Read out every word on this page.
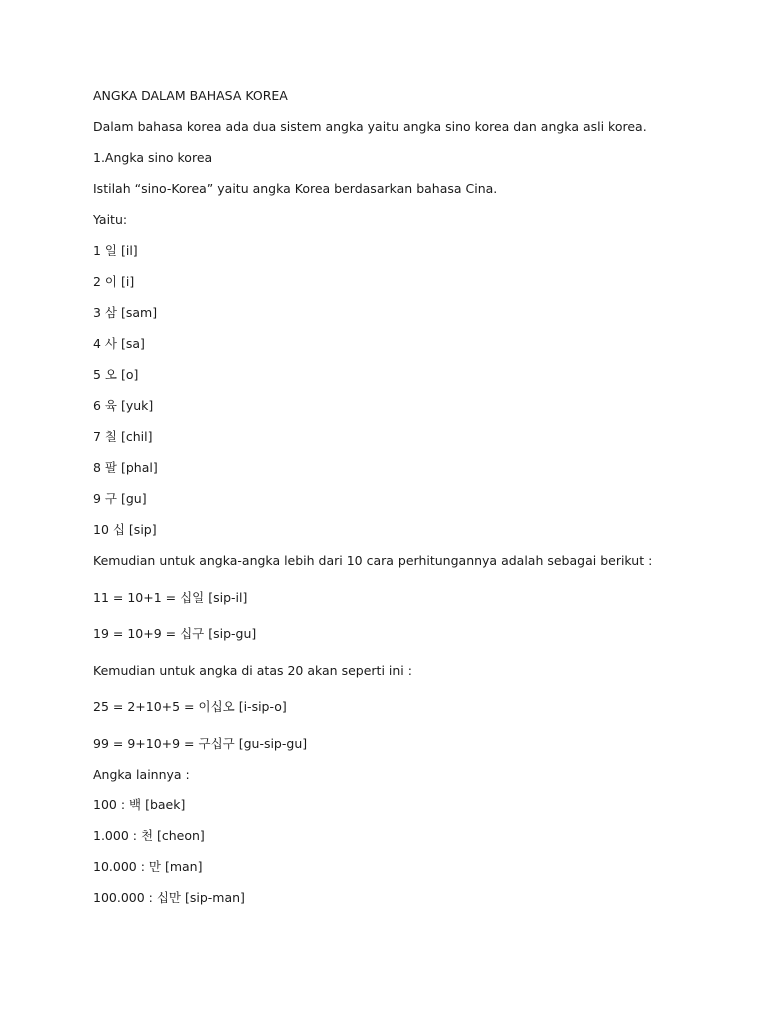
ANGKA DALAM BAHASA KOREA
Dalam bahasa korea ada dua sistem angka yaitu angka sino korea dan angka asli korea.
1.Angka sino korea
Istilah “sino-Korea” yaitu angka Korea berdasarkan bahasa Cina.
Yaitu:
1 일 [il]
2 이 [i]
3 삼 [sam]
4 사 [sa]
5 오 [o]
6 육 [yuk]
7 칠 [chil]
8 팔 [phal]
9 구 [gu]
10 십 [sip]
Kemudian untuk angka-angka lebih dari 10 cara perhitungannya adalah sebagai berikut :
11 = 10+1 = 십일 [sip-il]
19 = 10+9 = 십구 [sip-gu]
Kemudian untuk angka di atas 20 akan seperti ini :
25 = 2+10+5 = 이십오 [i-sip-o]
99 = 9+10+9 = 구십구 [gu-sip-gu]
Angka lainnya :
100 : 백 [baek]
1.000 : 천 [cheon]
10.000 : 만 [man]
100.000 : 십만 [sip-man]
